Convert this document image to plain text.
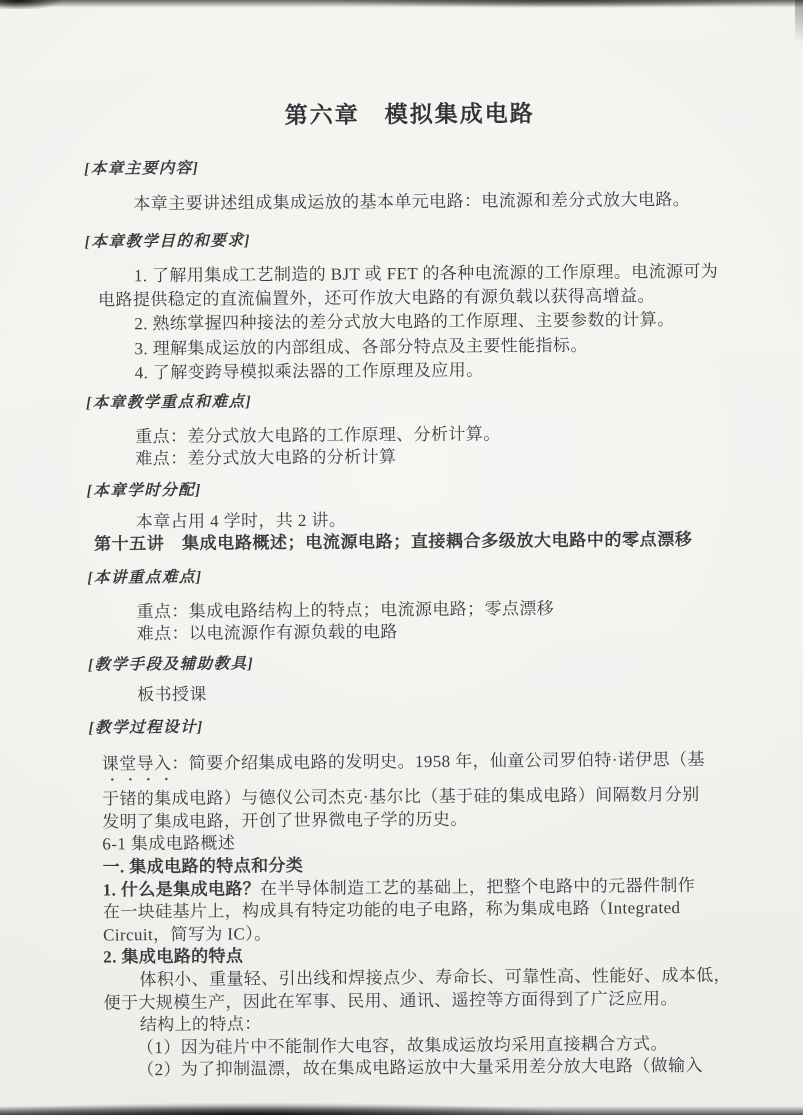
第六章　模拟集成电路
[本章主要内容]
本章主要讲述组成集成运放的基本单元电路：电流源和差分式放大电路。
[本章教学目的和要求]
1. 了解用集成工艺制造的 BJT 或 FET 的各种电流源的工作原理。电流源可为
电路提供稳定的直流偏置外，还可作放大电路的有源负载以获得高增益。
2. 熟练掌握四种接法的差分式放大电路的工作原理、主要参数的计算。
3. 理解集成运放的内部组成、各部分特点及主要性能指标。
4. 了解变跨导模拟乘法器的工作原理及应用。
[本章教学重点和难点]
重点：差分式放大电路的工作原理、分析计算。
难点：差分式放大电路的分析计算
[本章学时分配]
本章占用 4 学时，共 2 讲。
第十五讲　集成电路概述；电流源电路；直接耦合多级放大电路中的零点漂移
[本讲重点难点]
重点：集成电路结构上的特点；电流源电路；零点漂移
难点：以电流源作有源负载的电路
[教学手段及辅助教具]
板书授课
[教学过程设计]
课堂导入：简要介绍集成电路的发明史。1958 年，仙童公司罗伯特·诺伊思（基
····
于锗的集成电路）与德仪公司杰克·基尔比（基于硅的集成电路）间隔数月分别
发明了集成电路，开创了世界微电子学的历史。
6-1 集成电路概述
一. 集成电路的特点和分类
1. 什么是集成电路？在半导体制造工艺的基础上，把整个电路中的元器件制作
在一块硅基片上，构成具有特定功能的电子电路，称为集成电路（Integrated
Circuit，简写为 IC）。
2. 集成电路的特点
体积小、重量轻、引出线和焊接点少、寿命长、可靠性高、性能好、成本低，
便于大规模生产，因此在军事、民用、通讯、遥控等方面得到了广泛应用。
结构上的特点：
（1）因为硅片中不能制作大电容，故集成运放均采用直接耦合方式。
（2）为了抑制温漂，故在集成电路运放中大量采用差分放大电路（做输入
